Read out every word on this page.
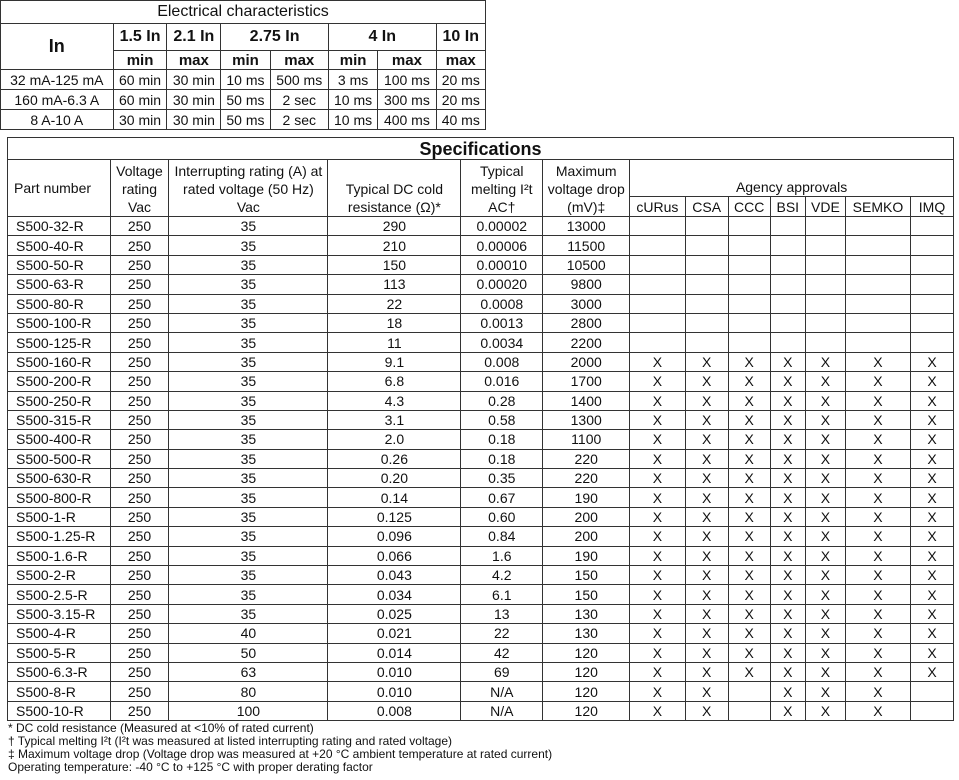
Electrical characteristics							
In	1.5 In	2.1 In	2.75 In		4 In		10 In
	min	max	min	max	min	max	max
32 mA-125 mA	60 min	30 min	10 ms	500 ms	3 ms	100 ms	20 ms
160 mA-6.3 A	60 min	30 min	50 ms	2 sec	10 ms	300 ms	20 ms
8 A-10 A	30 min	30 min	50 ms	2 sec	10 ms	400 ms	40 ms
Specifications												
Part number	Voltage rating Vac	Interrupting rating (A) at rated voltage (50 Hz) Vac	Typical DC cold resistance (Ω)*	Typical melting I²t AC†	Maximum voltage drop (mV)‡	Agency approvals						
						cURus	CSA	CCC	BSI	VDE	SEMKO	IMQ
S500-32-R	250	35	290	0.00002	13000							
S500-40-R	250	35	210	0.00006	11500							
S500-50-R	250	35	150	0.00010	10500							
S500-63-R	250	35	113	0.00020	9800							
S500-80-R	250	35	22	0.0008	3000							
S500-100-R	250	35	18	0.0013	2800							
S500-125-R	250	35	11	0.0034	2200							
S500-160-R	250	35	9.1	0.008	2000	X	X	X	X	X	X	X
S500-200-R	250	35	6.8	0.016	1700	X	X	X	X	X	X	X
S500-250-R	250	35	4.3	0.28	1400	X	X	X	X	X	X	X
S500-315-R	250	35	3.1	0.58	1300	X	X	X	X	X	X	X
S500-400-R	250	35	2.0	0.18	1100	X	X	X	X	X	X	X
S500-500-R	250	35	0.26	0.18	220	X	X	X	X	X	X	X
S500-630-R	250	35	0.20	0.35	220	X	X	X	X	X	X	X
S500-800-R	250	35	0.14	0.67	190	X	X	X	X	X	X	X
S500-1-R	250	35	0.125	0.60	200	X	X	X	X	X	X	X
S500-1.25-R	250	35	0.096	0.84	200	X	X	X	X	X	X	X
S500-1.6-R	250	35	0.066	1.6	190	X	X	X	X	X	X	X
S500-2-R	250	35	0.043	4.2	150	X	X	X	X	X	X	X
S500-2.5-R	250	35	0.034	6.1	150	X	X	X	X	X	X	X
S500-3.15-R	250	35	0.025	13	130	X	X	X	X	X	X	X
S500-4-R	250	40	0.021	22	130	X	X	X	X	X	X	X
S500-5-R	250	50	0.014	42	120	X	X	X	X	X	X	X
S500-6.3-R	250	63	0.010	69	120	X	X	X	X	X	X	X
S500-8-R	250	80	0.010	N/A	120	X	X		X	X	X	
S500-10-R	250	100	0.008	N/A	120	X	X		X	X	X	
* DC cold resistance (Measured at <10% of rated current)
† Typical melting I²t (I²t was measured at listed interrupting rating and rated voltage)
‡ Maximum voltage drop (Voltage drop was measured at +20 °C ambient temperature at rated current)
Operating temperature: -40 °C to +125 °C with proper derating factor
